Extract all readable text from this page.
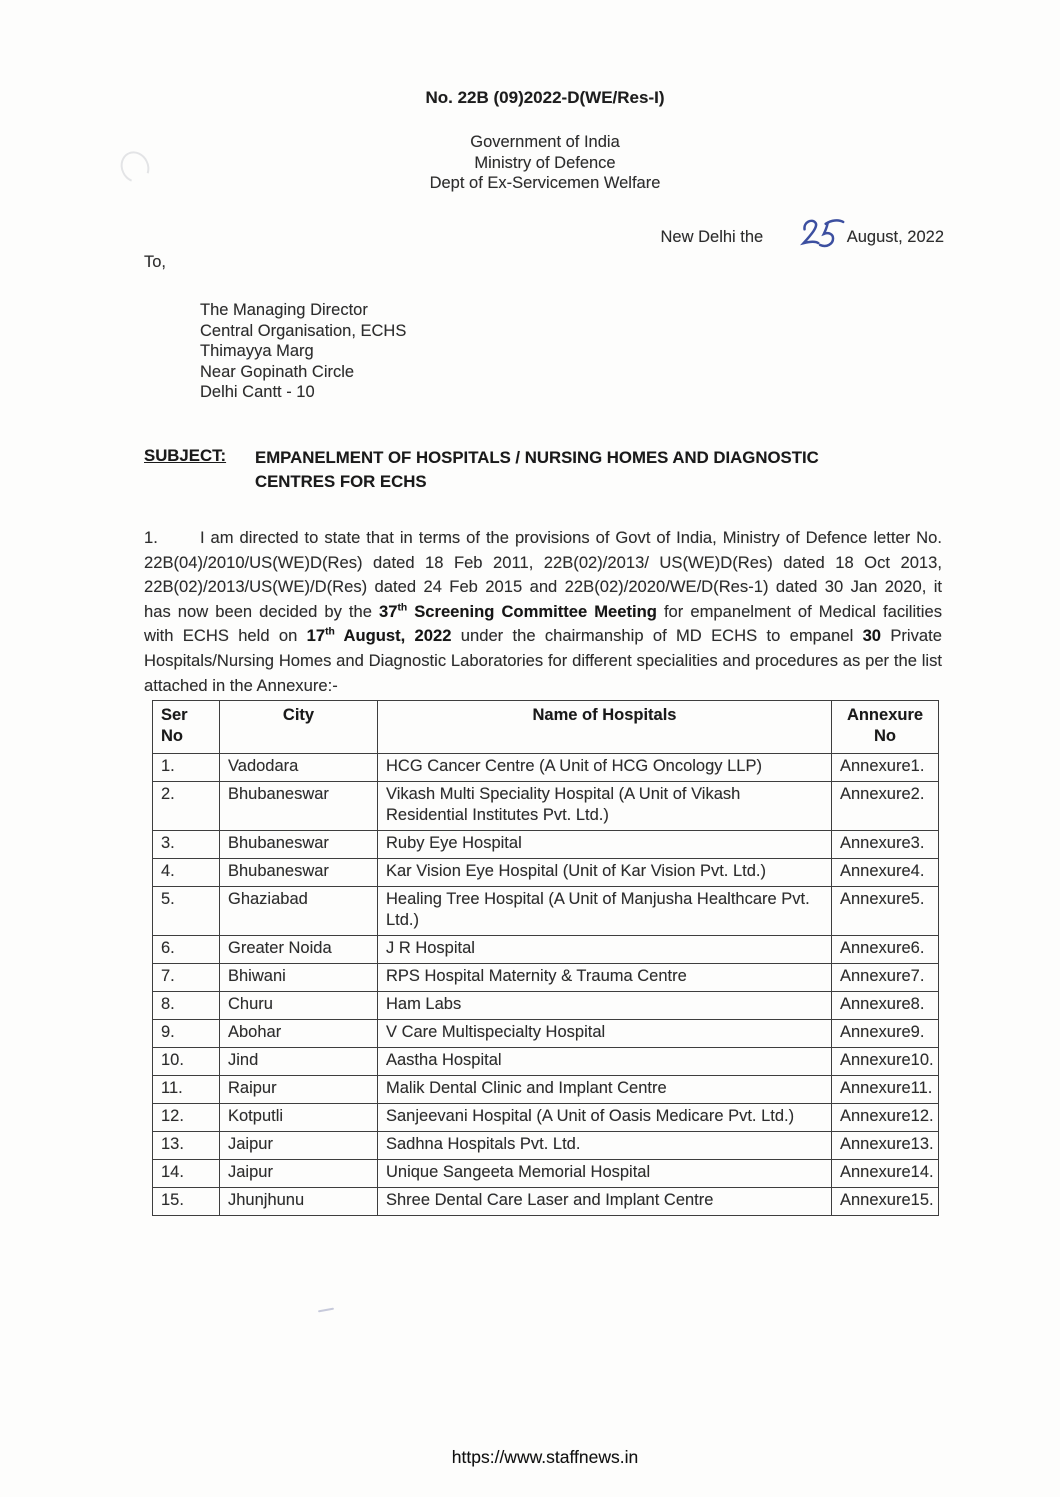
No. 22B (09)2022-D(WE/Res-I)
Government of India
Ministry of Defence
Dept of Ex-Servicemen Welfare
New Delhi the

	August, 2022
To,
The Managing Director
Central Organisation, ECHS
Thimayya Marg
Near Gopinath Circle
Delhi Cantt - 10
SUBJECT: EMPANELMENT OF HOSPITALS / NURSING HOMES AND DIAGNOSTIC CENTRES FOR ECHS
1.	I am directed to state that in terms of the provisions of Govt of India, Ministry of Defence letter No. 22B(04)/2010/US(WE)D(Res) dated 18 Feb 2011, 22B(02)/2013/ US(WE)D(Res) dated 18 Oct 2013, 22B(02)/2013/US(WE)/D(Res) dated 24 Feb 2015 and 22B(02)/2020/WE/D(Res-1) dated 30 Jan 2020, it has now been decided by the 37th Screening Committee Meeting for empanelment of Medical facilities with ECHS held on 17th August, 2022 under the chairmanship of MD ECHS to empanel 30 Private Hospitals/Nursing Homes and Diagnostic Laboratories for different specialities and procedures as per the list attached in the Annexure:-
Ser No	City	Name of Hospitals	Annexure No
1.	Vadodara	HCG Cancer Centre (A Unit of HCG Oncology LLP)	Annexure 1.

2.	Bhubaneswar	Vikash Multi Speciality Hospital (A Unit of Vikash Residential Institutes Pvt. Ltd.)	Annexure 2.

3.	Bhubaneswar	Ruby Eye Hospital	Annexure 3.

4.	Bhubaneswar	Kar Vision Eye Hospital (Unit of Kar Vision Pvt. Ltd.)	Annexure 4.

5.	Ghaziabad	Healing Tree Hospital (A Unit of Manjusha Healthcare Pvt. Ltd.)	Annexure 5.

6.	Greater Noida	J R Hospital	Annexure 6.

7.	Bhiwani	RPS Hospital Maternity & Trauma Centre	Annexure 7.

8.	Churu	Ham Labs	Annexure 8.

9.	Abohar	V Care Multispecialty Hospital	Annexure 9.

10.	Jind	Aastha Hospital	Annexure 10.

11.	Raipur	Malik Dental Clinic and Implant Centre	Annexure 11.

12.	Kotputli	Sanjeevani Hospital (A Unit of Oasis Medicare Pvt. Ltd.)	Annexure 12.

13.	Jaipur	Sadhna Hospitals Pvt. Ltd.	Annexure 13.

14.	Jaipur	Unique Sangeeta Memorial Hospital	Annexure 14.

15.	Jhunjhunu	Shree Dental Care Laser and Implant Centre	Annexure 15.
https://www.staffnews.in
